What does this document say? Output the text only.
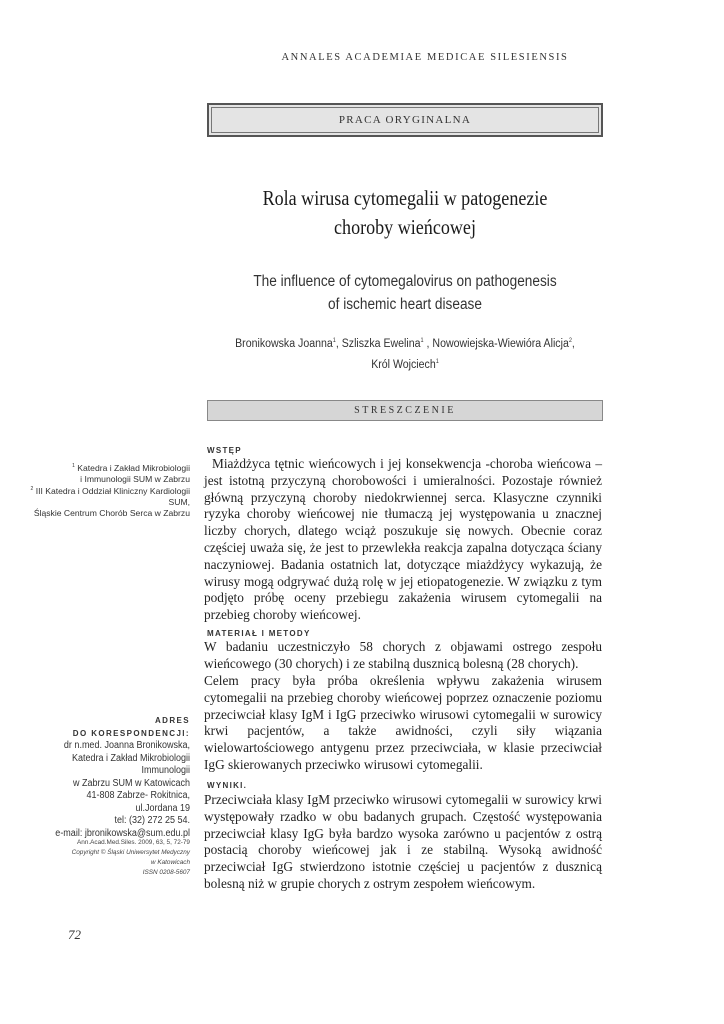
ANNALES ACADEMIAE MEDICAE SILESIENSIS
PRACA ORYGINALNA
Rola wirusa cytomegalii w patogenezie
choroby wieńcowej
The influence of cytomegalovirus on pathogenesis
of ischemic heart disease
Bronikowska Joanna$^1$, Szliszka Ewelina$^1$ , Nowowiejska-Wiewióra Alicja$^2$,
Król Wojciech$^1$
STRESZCZENIE
$^1$ Katedra i Zakład Mikrobiologii
i Immunologii SUM w Zabrzu
$^2$ III Katedra i Oddział Kliniczny Kardiologii
SUM,
Śląskie Centrum Chorób Serca w Zabrzu
WSTĘP

Miażdżyca tętnic wieńcowych i jej konsekwencja -choroba wieńcowa – jest istotną przyczyną chorobowości i umieralności. Pozostaje również główną przyczyną choroby niedokrwiennej serca. Klasyczne czynniki ryzyka choroby wieńcowej nie tłumaczą jej występowania u znacznej liczby chorych, dlatego wciąż poszukuje się nowych. Obecnie coraz częściej uważa się, że jest to przewlekła reakcja zapalna dotycząca ściany naczyniowej. Badania ostatnich lat, dotyczące miażdżycy wykazują, że wirusy mogą odgrywać dużą rolę w jej etiopatogenezie. W związku z tym podjęto próbę oceny przebiegu zakażenia wirusem cytomegalii na przebieg choroby wieńcowej.

MATERIAŁ I METODY

W badaniu uczestniczyło 58 chorych z objawami ostrego zespołu wieńcowego (30 chorych) i ze stabilną dusznicą bolesną (28 chorych).

Celem pracy była próba określenia wpływu zakażenia wirusem cytomegalii na przebieg choroby wieńcowej poprzez oznaczenie poziomu przeciwciał klasy IgM i IgG przeciwko wirusowi cytomegalii w surowicy krwi pacjentów, a także awidności, czyli siły wiązania wielowartościowego antygenu przez przeciwciała, w klasie przeciwciał IgG skierowanych przeciwko wirusowi cytomegalii.

WYNIKI.

Przeciwciała klasy IgM przeciwko wirusowi cytomegalii w surowicy krwi występowały rzadko w obu badanych grupach. Częstość występowania przeciwciał klasy IgG była bardzo wysoka zarówno u pacjentów z ostrą postacią choroby wieńcowej jak i ze stabilną. Wysoką awidność przeciwciał IgG stwierdzono istotnie częściej u pacjentów z dusznicą bolesną niż w grupie chorych z ostrym zespołem wieńcowym.

ADRES
DO KORESPONDENCJI:
dr n.med. Joanna Bronikowska,
Katedra i Zakład Mikrobiologii Immunologii
w Zabrzu SUM w Katowicach
41-808 Zabrze- Rokitnica,
ul.Jordana 19
tel: (32) 272 25 54.
e-mail: jbronikowska@sum.edu.pl
Ann.Acad.Med.Siles. 2009, 63, 5, 72-79
Copyright © Śląski Uniwersytet Medyczny
w Katowicach
ISSN 0208-5607
72
